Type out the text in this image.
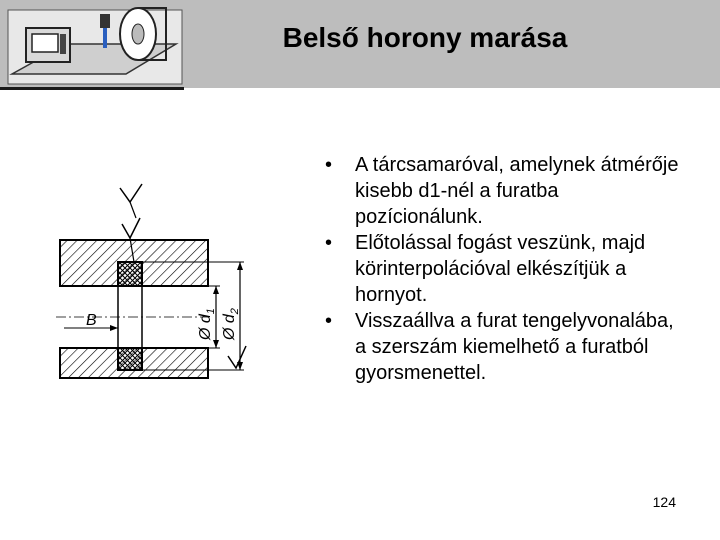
Belső horony marása
Ø $d_1$
Ø $d_2$
B
• A tárcsamaróval, amelynek átmérője kisebb d1-nél a furatba pozícionálunk.
• Előtolással fogást veszünk, majd körinterpolációval elkészítjük a hornyot.
• Visszaállva a furat tengelyvonalába, a szerszám kiemelhető a furatból gyorsmenettel.
124
